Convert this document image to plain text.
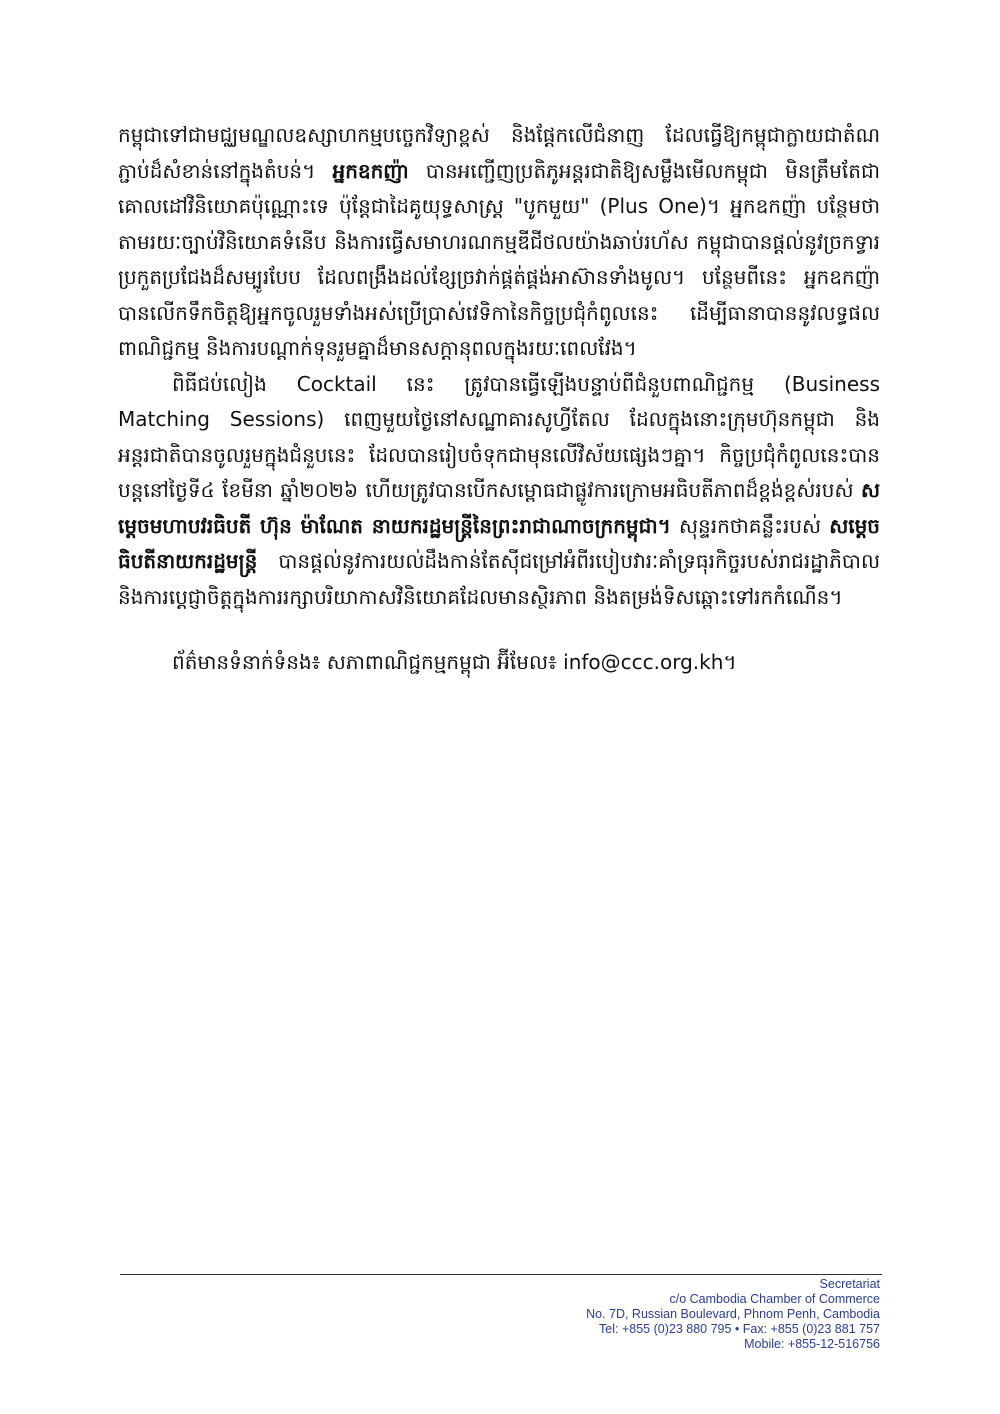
កម្ពុជាទៅជាមជ្ឈមណ្ឌលឧស្សាហកម្មបច្ចេកវិទ្យាខ្ពស់ និងផ្តែកលើជំនាញ ដែលធ្វើឱ្យកម្ពុជាក្លាយជាតំណភ្ជាប់ដ៏សំខាន់នៅក្នុងតំបន់។ អ្នកឧកញ៉ា បានអញ្ជើញប្រតិភូអន្តរជាតិឱ្យសម្លឹងមើលកម្ពុជា មិនត្រឹមតែជាគោលដៅវិនិយោគប៉ុណ្ណោះទេ ប៉ុន្តែជាដៃគូយុទ្ធសាស្ត្រ "បូកមួយ" (Plus One)។ អ្នកឧកញ៉ា បន្ថែមថា តាមរយៈច្បាប់វិនិយោគទំនើប និងការធ្វើសមាហរណកម្មឌីជីថលយ៉ាងឆាប់រហ័ស កម្ពុជាបានផ្តល់នូវច្រកទ្វារប្រកួតប្រជែងដ៏សម្បូរបែប ដែលពង្រឹងដល់ខ្សែច្រវាក់ផ្គត់ផ្គង់អាស៊ានទាំងមូល។ បន្ថែមពីនេះ អ្នកឧកញ៉ា បានលើកទឹកចិត្តឱ្យអ្នកចូលរួមទាំងអស់ប្រើប្រាស់វេទិកានៃកិច្ចប្រជុំកំពូលនេះ ដើម្បីធានាបាននូវលទ្ធផលពាណិជ្ជកម្ម និងការបណ្តាក់ទុនរួមគ្នាដ៏មានសក្តានុពលក្នុងរយៈពេលវែង។

ពិធីជប់លៀង Cocktail នេះ ត្រូវបានធ្វើឡើងបន្ទាប់ពីជំនួបពាណិជ្ជកម្ម (Business Matching Sessions) ពេញមួយថ្ងៃនៅសណ្ឋាគារសូហ្វីតែល ដែលក្នុងនោះក្រុមហ៊ុនកម្ពុជា និងអន្តរជាតិបានចូលរួមក្នុងជំនួបនេះ ដែលបានរៀបចំទុកជាមុនលើវិស័យផ្សេងៗគ្នា។ កិច្ចប្រជុំកំពូលនេះបានបន្តនៅថ្ងៃទី៤ ខែមីនា ឆ្នាំ២០២៦ ហើយត្រូវបានបើកសម្ពោធជាផ្លូវការក្រោមអធិបតីភាពដ៏ខ្ពង់ខ្ពស់របស់ សម្តេចមហាបវរធិបតី ហ៊ុន ម៉ាណែត នាយករដ្ឋមន្ត្រីនៃព្រះរាជាណាចក្រកម្ពុជា។ សុន្ទរកថាគន្លឹះរបស់ សម្តេចធិបតីនាយករដ្ឋមន្ត្រី បានផ្តល់នូវការយល់ដឹងកាន់តែស៊ីជម្រៅអំពីរបៀបវារៈគាំទ្រធុរកិច្ចរបស់រាជរដ្ឋាភិបាល និងការប្តេជ្ញាចិត្តក្នុងការរក្សាបរិយាកាសវិនិយោគដែលមានស្ថិរភាព និងតម្រង់ទិសឆ្ពោះទៅរកកំណើន។

ព័ត៌មានទំនាក់ទំនង៖ សភាពាណិជ្ជកម្មកម្ពុជា អ៊ីមែល៖ info@ccc.org.kh។

Secretariat
c/o Cambodia Chamber of Commerce
No. 7D, Russian Boulevard, Phnom Penh, Cambodia
Tel: +855 (0)23 880 795 • Fax: +855 (0)23 881 757
Mobile: +855-12-516756
